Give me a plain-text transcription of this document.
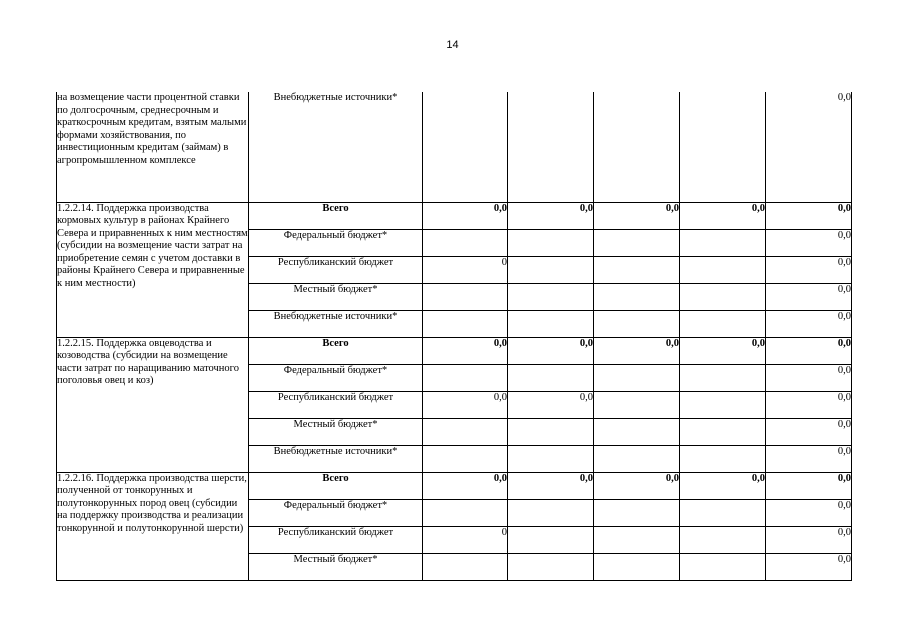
14
на возмещение части процентной ставки по долгосрочным, среднесрочным и краткосрочным кредитам, взятым малыми формами хозяйствования, по инвестиционным кредитам (займам) в агропромышленном комплексе	Внебюджетные источники*					0,0
1.2.2.14. Поддержка производства кормовых культур в районах Крайнего Севера и приравненных к ним местностям (субсидии на возмещение части затрат на приобретение семян с учетом доставки в районы Крайнего Севера и приравненные к ним местности)	Всего	0,0	0,0	0,0	0,0	0,0
	Федеральный бюджет*					0,0
	Республиканский бюджет	0				0,0
	Местный бюджет*					0,0
	Внебюджетные источники*					0,0
1.2.2.15. Поддержка овцеводства и козоводства (субсидии на возмещение части затрат по наращиванию маточного поголовья овец и коз)	Всего	0,0	0,0	0,0	0,0	0,0
	Федеральный бюджет*					0,0
	Республиканский бюджет	0,0	0,0			0,0
	Местный бюджет*					0,0
	Внебюджетные источники*					0,0
1.2.2.16. Поддержка производства шерсти, полученной от тонкорунных и полутонкорунных пород овец (субсидии на поддержку производства и реализации тонкорунной и полутонкорунной шерсти)	Всего	0,0	0,0	0,0	0,0	0,0
	Федеральный бюджет*					0,0
	Республиканский бюджет	0				0,0
	Местный бюджет*					0,0
